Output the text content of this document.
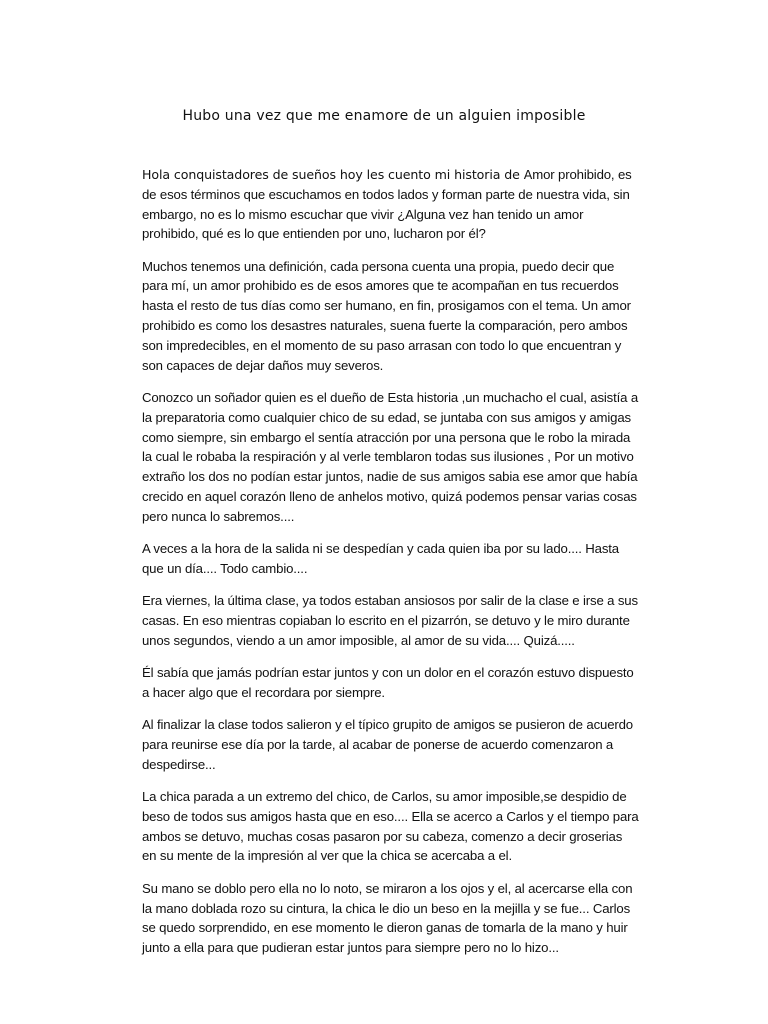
Hubo una vez que me enamore de un alguien imposible

Hola conquistadores de sueños hoy les cuento mi historia de Amor prohibido, es de esos términos que escuchamos en todos lados y forman parte de nuestra vida, sin embargo, no es lo mismo escuchar que vivir ¿Alguna vez han tenido un amor prohibido, qué es lo que entienden por uno, lucharon por él?

Muchos tenemos una definición, cada persona cuenta una propia, puedo decir que para mí, un amor prohibido es de esos amores que te acompañan en tus recuerdos hasta el resto de tus días como ser humano, en fin, prosigamos con el tema. Un amor prohibido es como los desastres naturales, suena fuerte la comparación, pero ambos son impredecibles, en el momento de su paso arrasan con todo lo que encuentran y son capaces de dejar daños muy severos.

Conozco un soñador quien es el dueño de Esta historia ,un muchacho el cual, asistía a la preparatoria como cualquier chico de su edad, se juntaba con sus amigos y amigas como siempre, sin embargo el sentía atracción por una persona que le robo la mirada la cual le robaba la respiración y al verle temblaron todas sus ilusiones , Por un motivo extraño los dos no podían estar juntos, nadie de sus amigos sabia ese amor que había crecido en aquel corazón lleno de anhelos motivo, quizá podemos pensar varias cosas pero nunca lo sabremos....

A veces a la hora de la salida ni se despedían y cada quien iba por su lado.... Hasta que un día.... Todo cambio....

Era viernes, la última clase, ya todos estaban ansiosos por salir de la clase e irse a sus casas. En eso mientras copiaban lo escrito en el pizarrón, se detuvo y le miro durante unos segundos, viendo a un amor imposible, al amor de su vida.... Quizá.....

Él sabía que jamás podrían estar juntos y con un dolor en el corazón estuvo dispuesto a hacer algo que el recordara por siempre.

Al finalizar la clase todos salieron y el típico grupito de amigos se pusieron de acuerdo para reunirse ese día por la tarde, al acabar de ponerse de acuerdo comenzaron a despedirse...

La chica parada a un extremo del chico, de Carlos, su amor imposible,se despidio de beso de todos sus amigos hasta que en eso.... Ella se acerco a Carlos y el tiempo para ambos se detuvo, muchas cosas pasaron por su cabeza, comenzo a decir groserias en su mente de la impresión al ver que la chica se acercaba a el.

Su mano se doblo pero ella no lo noto, se miraron a los ojos y el, al acercarse ella con la mano doblada rozo su cintura, la chica le dio un beso en la mejilla y se fue... Carlos se quedo sorprendido, en ese momento le dieron ganas de tomarla de la mano y huir junto a ella para que pudieran estar juntos para siempre pero no lo hizo...
